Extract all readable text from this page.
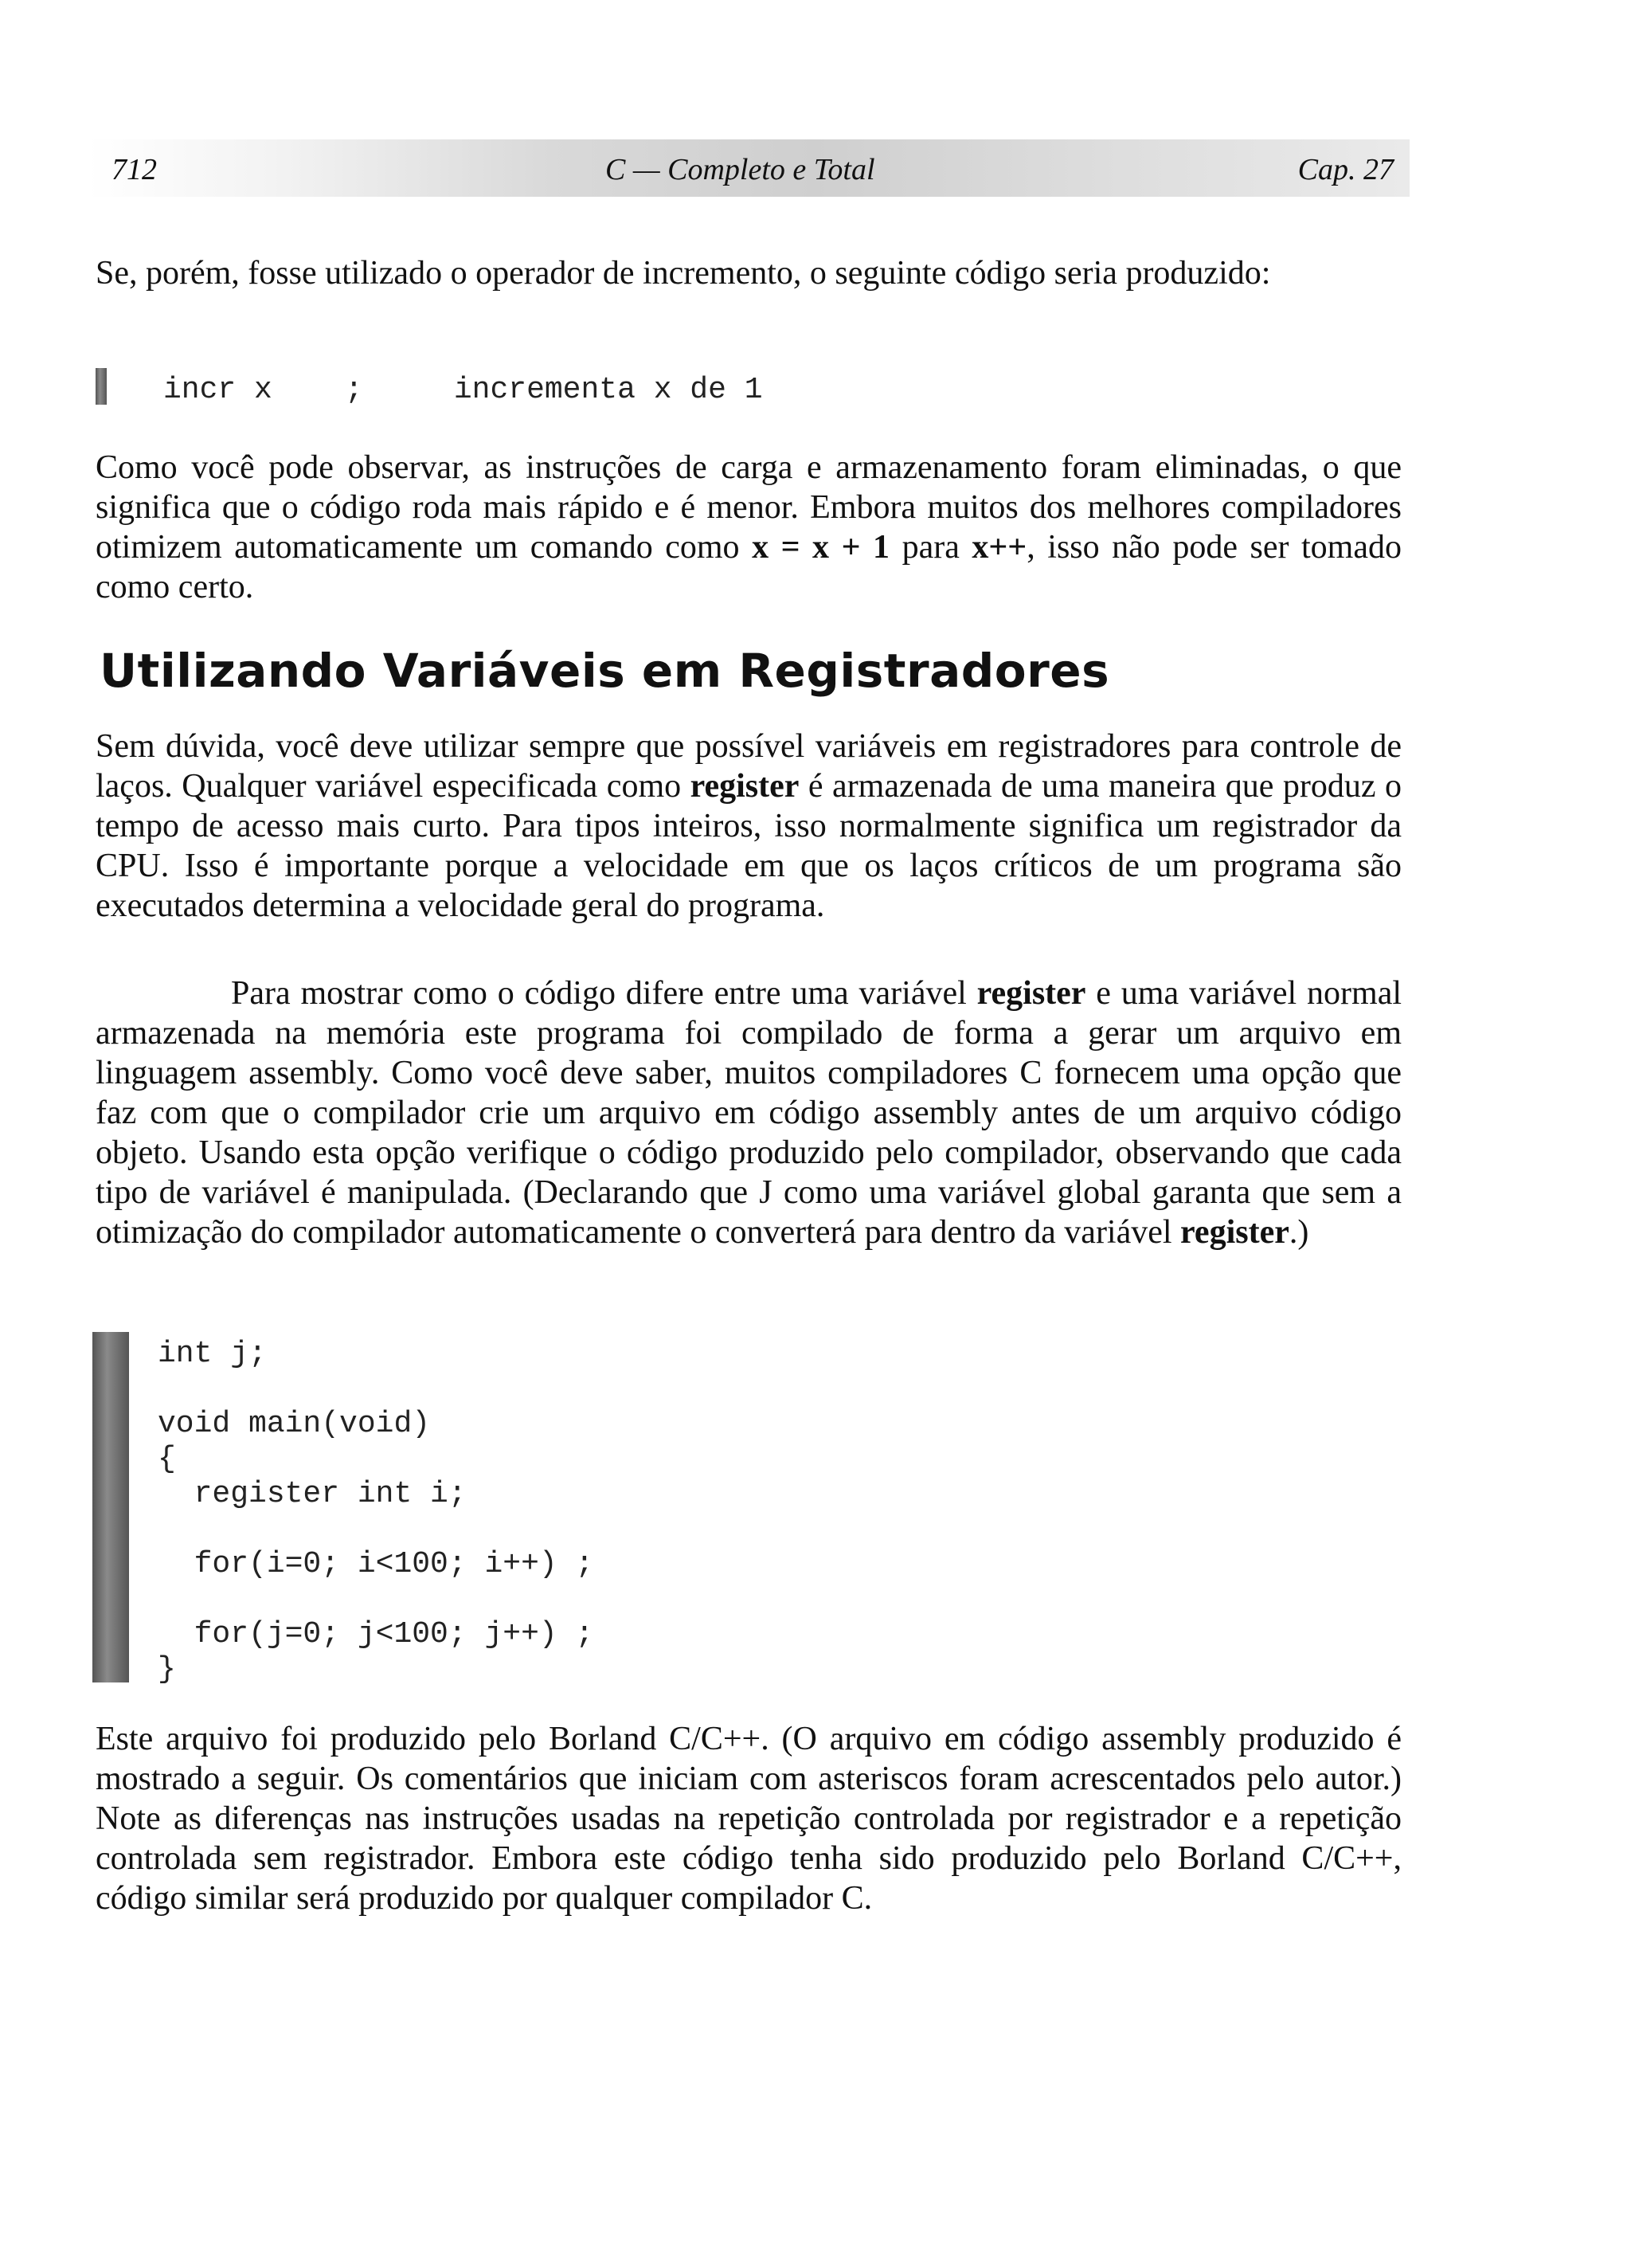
712	C — Completo e Total	Cap. 27

Se, porém, fosse utilizado o operador de incremento, o seguinte código seria produzido:

incr x    ;     incrementa x de 1

Como você pode observar, as instruções de carga e armazenamento foram eliminadas, o que significa que o código roda mais rápido e é menor. Embora muitos dos melhores compiladores otimizem automaticamente um comando como x = x + 1 para x++, isso não pode ser tomado como certo.

Utilizando Variáveis em Registradores

Sem dúvida, você deve utilizar sempre que possível variáveis em registradores para controle de laços. Qualquer variável especificada como register é armazenada de uma maneira que produz o tempo de acesso mais curto. Para tipos inteiros, isso normalmente significa um registrador da CPU. Isso é importante porque a velocidade em que os laços críticos de um programa são executados determina a velocidade geral do programa.

Para mostrar como o código difere entre uma variável register e uma variável normal armazenada na memória este programa foi compilado de forma a gerar um arquivo em linguagem assembly. Como você deve saber, muitos compiladores C fornecem uma opção que faz com que o compilador crie um arquivo em código assembly antes de um arquivo código objeto. Usando esta opção verifique o código produzido pelo compilador, observando que cada tipo de variável é manipulada. (Declarando que J como uma variável global garanta que sem a otimização do compilador automaticamente o converterá para dentro da variável register.)

int j;

void main(void)
{
register int i;

for(i=0; i<100; i++) ;

for(j=0; j<100; j++) ;
}

Este arquivo foi produzido pelo Borland C/C++. (O arquivo em código assembly produzido é mostrado a seguir. Os comentários que iniciam com asteriscos foram acrescentados pelo autor.) Note as diferenças nas instruções usadas na repetição controlada por registrador e a repetição controlada sem registrador. Embora este código tenha sido produzido pelo Borland C/C++, código similar será produzido por qualquer compilador C.
